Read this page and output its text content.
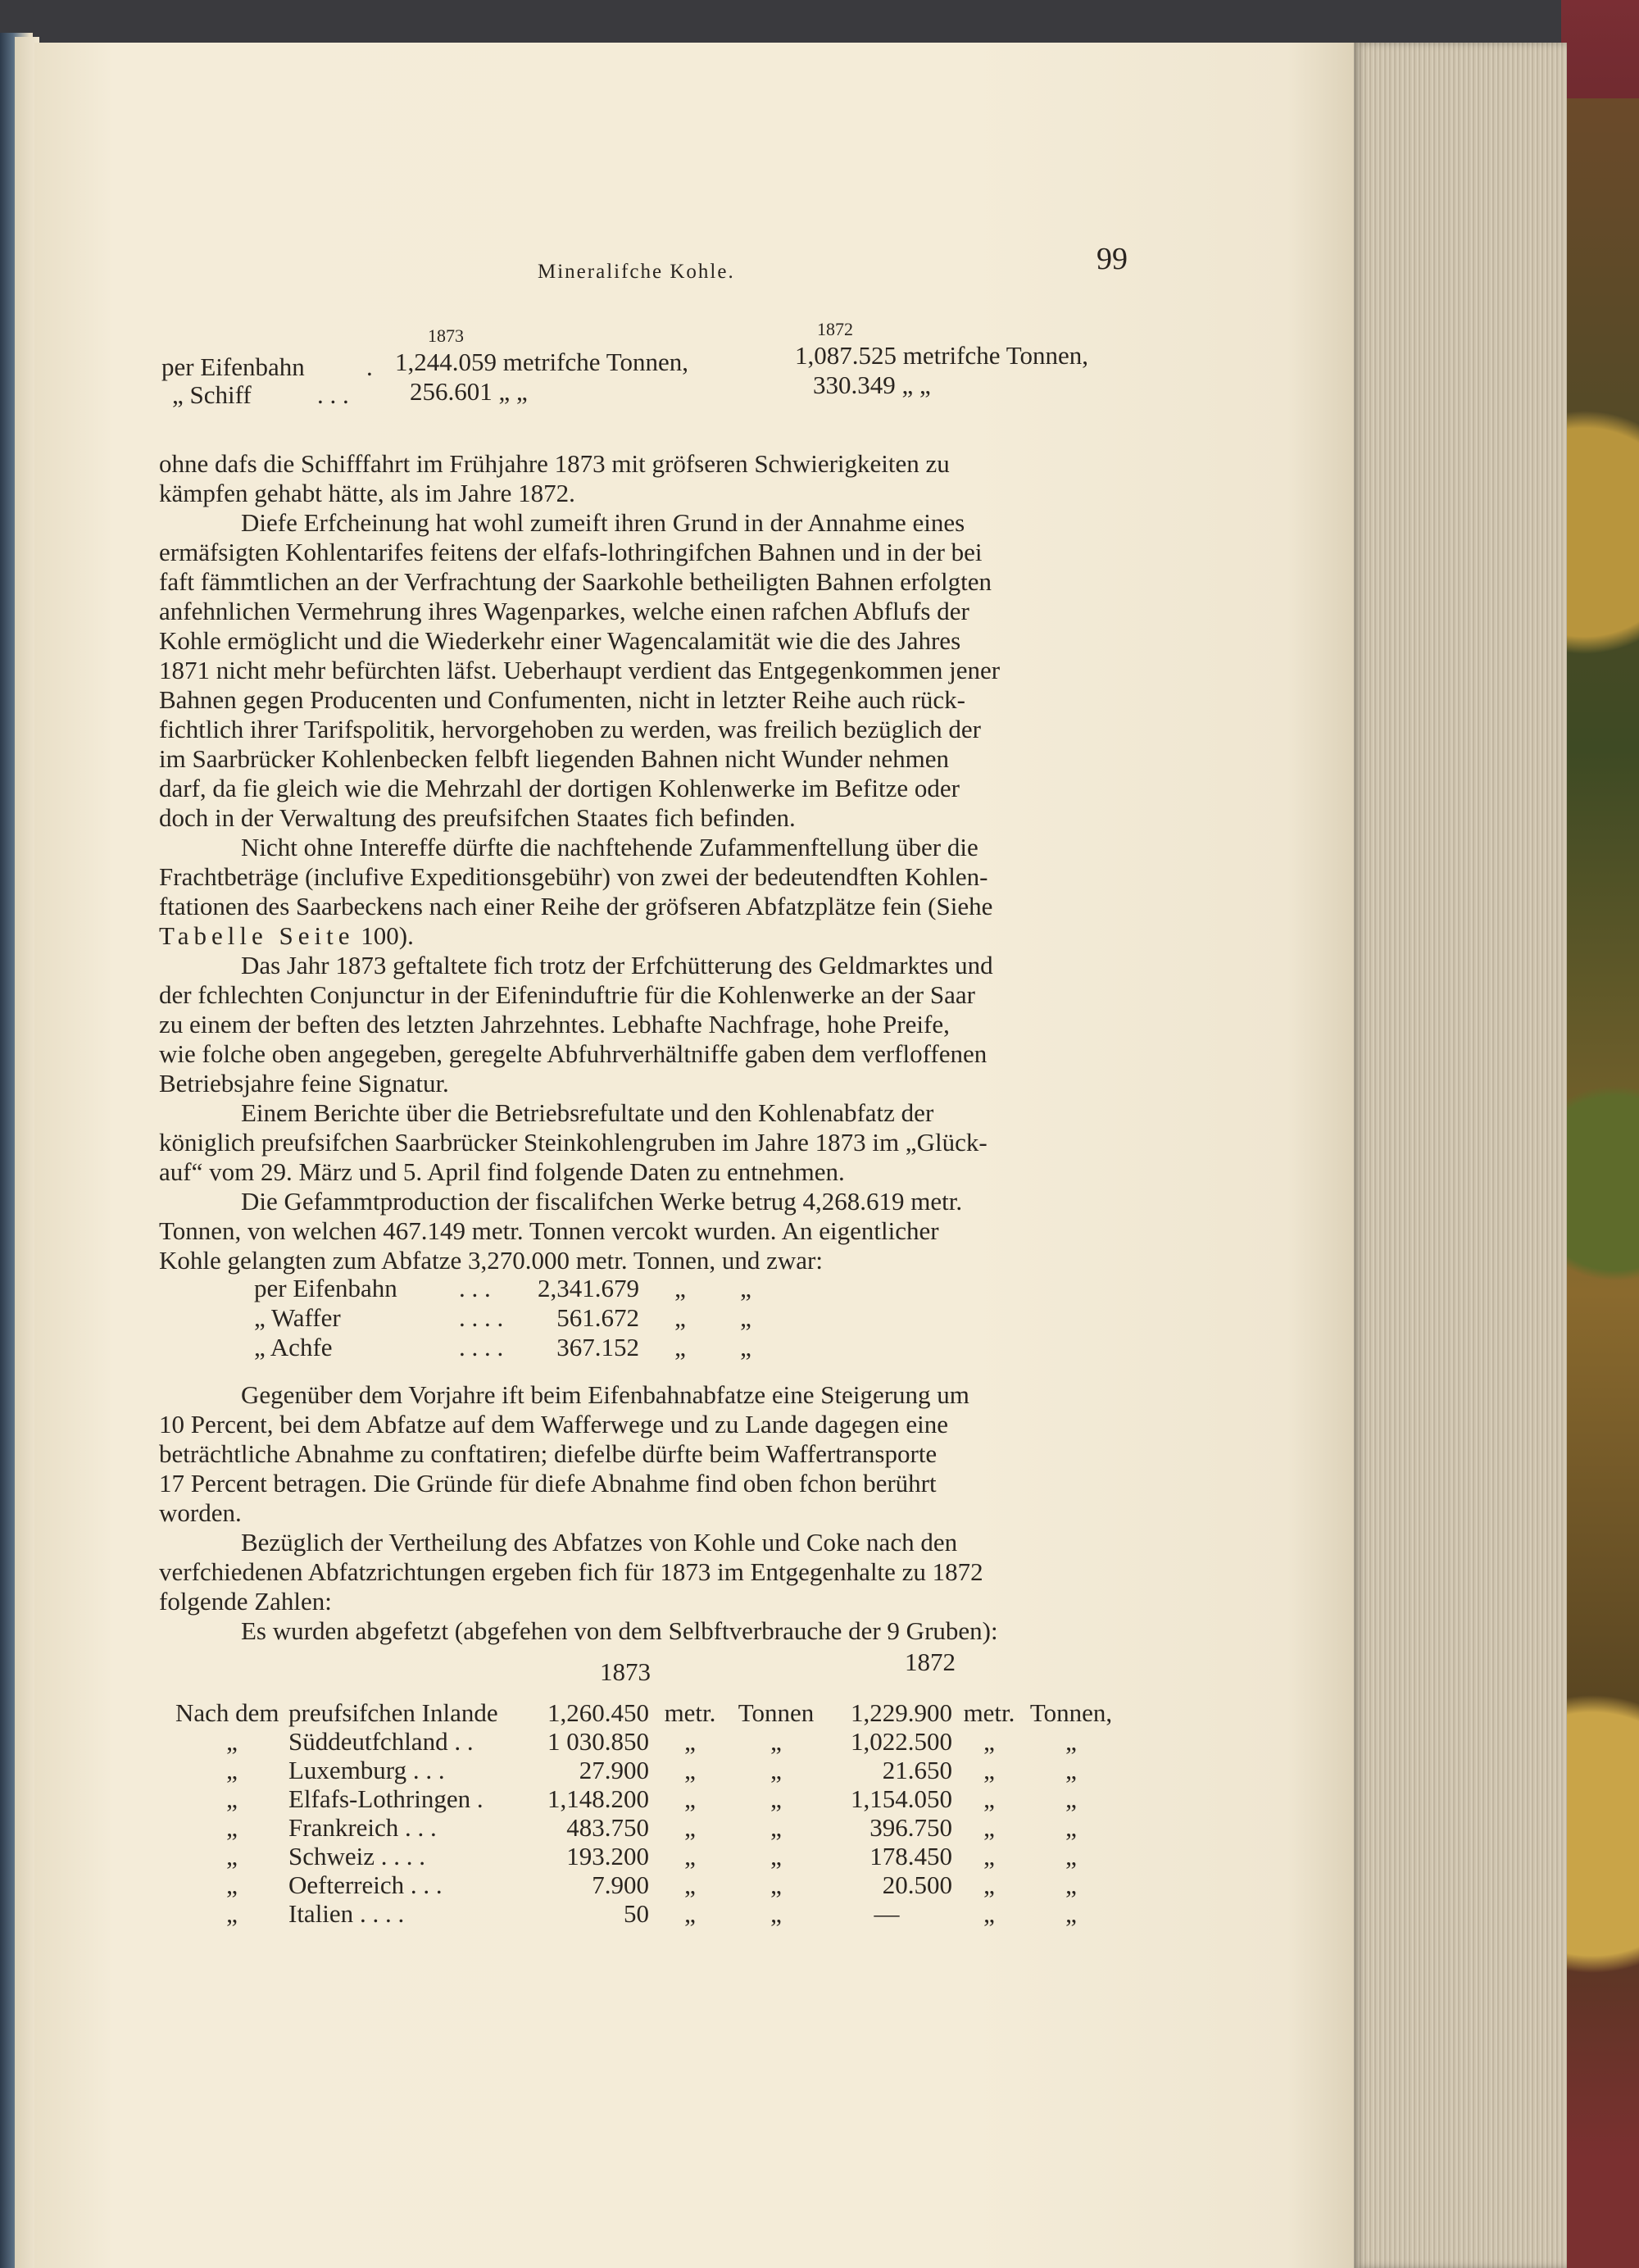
Mineralifche Kohle.	99
1873	1872
per Eifenbahn . 1,244.059 metrifche Tonnen,	1,087.525 metrifche Tonnen,
„ Schiff	. . . 256.601 „ „	330.349 „ „

ohne dafs die Schifffahrt im Frühjahre 1873 mit gröfseren Schwierigkeiten zu

kämpfen gehabt hätte, als im Jahre 1872.

Diefe Erfcheinung hat wohl zumeift ihren Grund in der Annahme eines

ermäfsigten Kohlentarifes feitens der elfafs-lothringifchen Bahnen und in der bei

faft fämmtlichen an der Verfrachtung der Saarkohle betheiligten Bahnen erfolgten

anfehnlichen Vermehrung ihres Wagenparkes, welche einen rafchen Abflufs der

Kohle ermöglicht und die Wiederkehr einer Wagencalamität wie die des Jahres

1871 nicht mehr befürchten läfst. Ueberhaupt verdient das Entgegenkommen jener

Bahnen gegen Producenten und Confumenten, nicht in letzter Reihe auch rück-

fichtlich ihrer Tarifspolitik, hervorgehoben zu werden, was freilich bezüglich der

im Saarbrücker Kohlenbecken felbft liegenden Bahnen nicht Wunder nehmen

darf, da fie gleich wie die Mehrzahl der dortigen Kohlenwerke im Befitze oder

doch in der Verwaltung des preufsifchen Staates fich befinden.

Nicht ohne Intereffe dürfte die nachftehende Zufammenftellung über die

Frachtbeträge (inclufive Expeditionsgebühr) von zwei der bedeutendften Kohlen-

ftationen des Saarbeckens nach einer Reihe der gröfseren Abfatzplätze fein (Siehe

Tabelle Seite 100).

Das Jahr 1873 geftaltete fich trotz der Erfchütterung des Geldmarktes und

der fchlechten Conjunctur in der Eifeninduftrie für die Kohlenwerke an der Saar

zu einem der beften des letzten Jahrzehntes. Lebhafte Nachfrage, hohe Preife,

wie folche oben angegeben, geregelte Abfuhrverhältniffe gaben dem verfloffenen

Betriebsjahre feine Signatur.

Einem Berichte über die Betriebsrefultate und den Kohlenabfatz der

königlich preufsifchen Saarbrücker Steinkohlengruben im Jahre 1873 im „Glück-

auf“ vom 29. März und 5. April find folgende Daten zu entnehmen.

Die Gefammtproduction der fiscalifchen Werke betrug 4,268.619 metr.

Tonnen, von welchen 467.149 metr. Tonnen vercokt wurden. An eigentlicher

Kohle gelangten zum Abfatze 3,270.000 metr. Tonnen, und zwar:

per Eifenbahn	. . .	2,341.679	„	„
„ Waffer	. . . .	561.672	„	„
„ Achfe	. . . .	367.152	„	„

Gegenüber dem Vorjahre ift beim Eifenbahnabfatze eine Steigerung um

10 Percent, bei dem Abfatze auf dem Wafferwege und zu Lande dagegen eine

beträchtliche Abnahme zu conftatiren; diefelbe dürfte beim Waffertransporte

17 Percent betragen. Die Gründe für diefe Abnahme find oben fchon berührt

worden.

Bezüglich der Vertheilung des Abfatzes von Kohle und Coke nach den

verfchiedenen Abfatzrichtungen ergeben fich für 1873 im Entgegenhalte zu 1872

folgende Zahlen:

Es wurden abgefetzt (abgefehen von dem Selbftverbrauche der 9 Gruben):

1873	1872
Nach dem	preufsifchen Inlande		1,260.450	metr.	Tonnen	1,229.900	metr.	Tonnen,
„	Süddeutfchland . .		1 030.850	„	„	1,022.500	„	„
„	Luxemburg . . .		27.900	„	„	21.650	„	„
„	Elfafs-Lothringen .		1,148.200	„	„	1,154.050	„	„
„	Frankreich . . .		483.750	„	„	396.750	„	„
„	Schweiz . . . .		193.200	„	„	178.450	„	„
„	Oefterreich . . .		7.900	„	„	20.500	„	„
„	Italien . . . .		50	„	„	—	„	„
